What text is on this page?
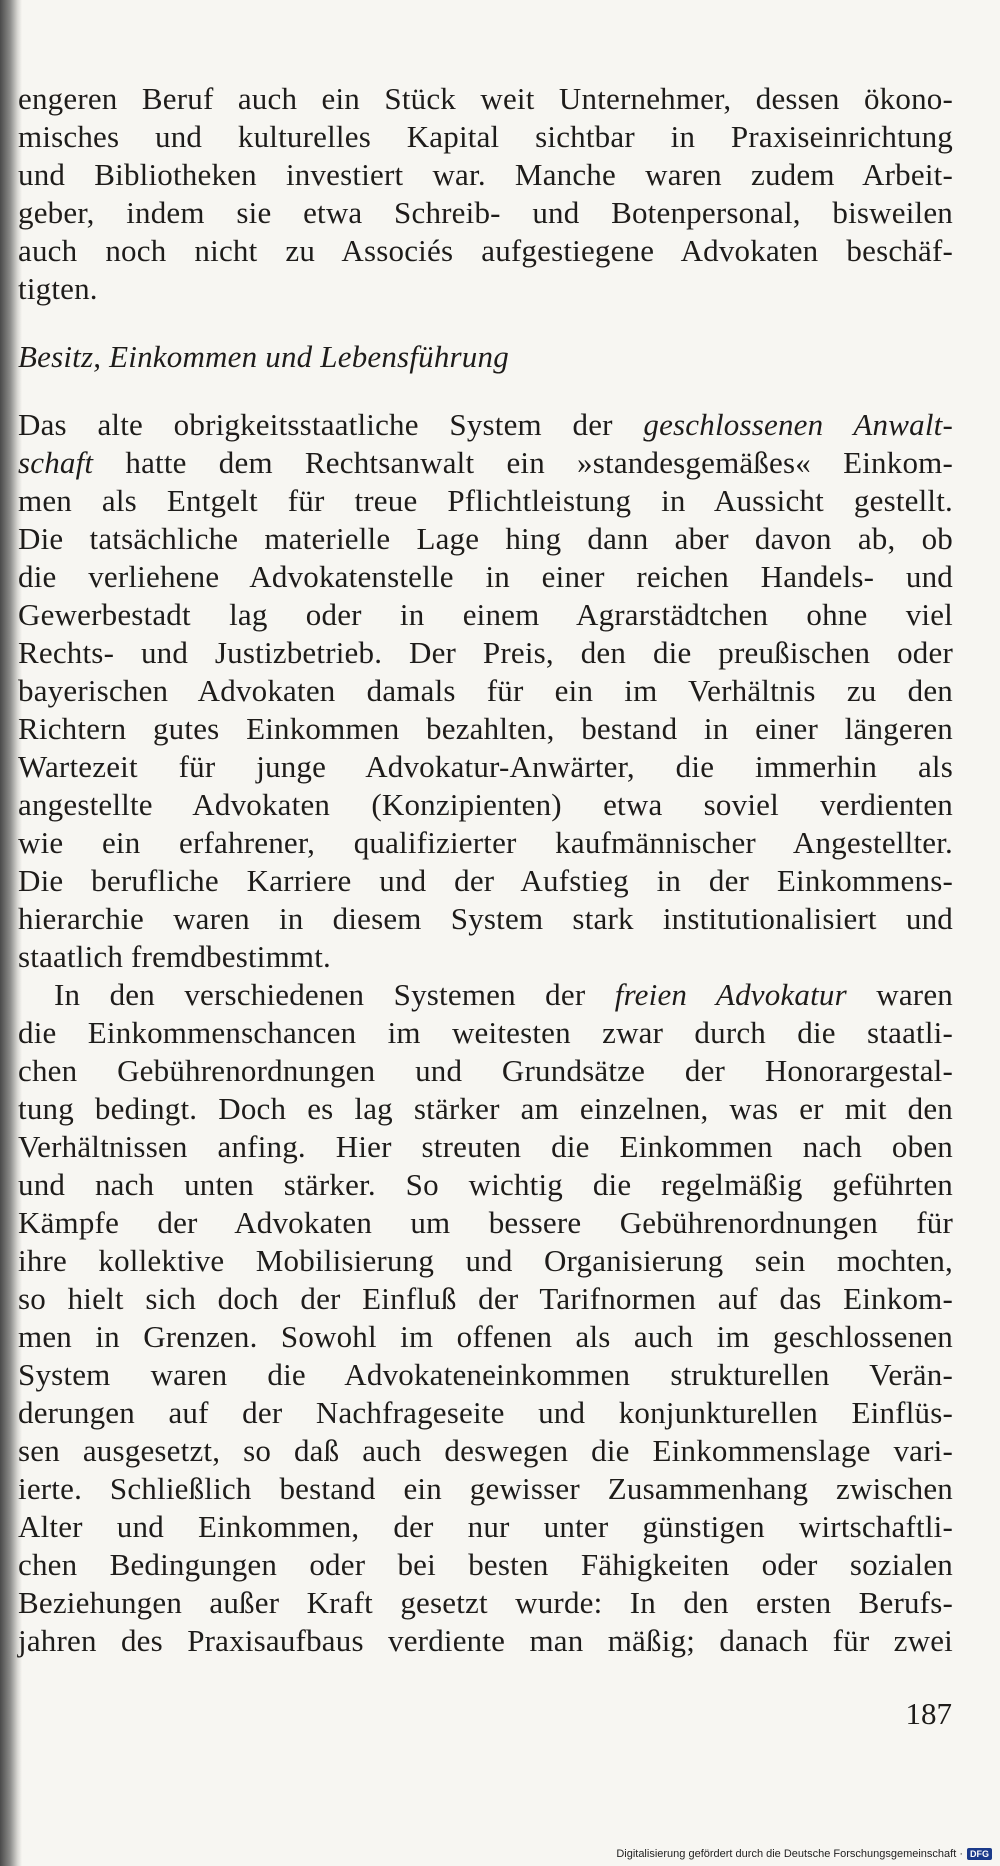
engeren Beruf auch ein Stück weit Unternehmer, dessen ökono-
misches und kulturelles Kapital sichtbar in Praxiseinrichtung
und Bibliotheken investiert war. Manche waren zudem Arbeit-
geber, indem sie etwa Schreib- und Botenpersonal, bisweilen
auch noch nicht zu Associés aufgestiegene Advokaten beschäf-
tigten.
Besitz, Einkommen und Lebensführung
Das alte obrigkeitsstaatliche System der geschlossenen Anwalt-
schaft hatte dem Rechtsanwalt ein »standesgemäßes« Einkom-
men als Entgelt für treue Pflichtleistung in Aussicht gestellt.
Die tatsächliche materielle Lage hing dann aber davon ab, ob
die verliehene Advokatenstelle in einer reichen Handels- und
Gewerbestadt lag oder in einem Agrarstädtchen ohne viel
Rechts- und Justizbetrieb. Der Preis, den die preußischen oder
bayerischen Advokaten damals für ein im Verhältnis zu den
Richtern gutes Einkommen bezahlten, bestand in einer längeren
Wartezeit für junge Advokatur-Anwärter, die immerhin als
angestellte Advokaten (Konzipienten) etwa soviel verdienten
wie ein erfahrener, qualifizierter kaufmännischer Angestellter.
Die berufliche Karriere und der Aufstieg in der Einkommens-
hierarchie waren in diesem System stark institutionalisiert und
staatlich fremdbestimmt.
In den verschiedenen Systemen der freien Advokatur waren
die Einkommenschancen im weitesten zwar durch die staatli-
chen Gebührenordnungen und Grundsätze der Honorargestal-
tung bedingt. Doch es lag stärker am einzelnen, was er mit den
Verhältnissen anfing. Hier streuten die Einkommen nach oben
und nach unten stärker. So wichtig die regelmäßig geführten
Kämpfe der Advokaten um bessere Gebührenordnungen für
ihre kollektive Mobilisierung und Organisierung sein mochten,
so hielt sich doch der Einfluß der Tarifnormen auf das Einkom-
men in Grenzen. Sowohl im offenen als auch im geschlossenen
System waren die Advokateneinkommen strukturellen Verän-
derungen auf der Nachfrageseite und konjunkturellen Einflüs-
sen ausgesetzt, so daß auch deswegen die Einkommenslage vari-
ierte. Schließlich bestand ein gewisser Zusammenhang zwischen
Alter und Einkommen, der nur unter günstigen wirtschaftli-
chen Bedingungen oder bei besten Fähigkeiten oder sozialen
Beziehungen außer Kraft gesetzt wurde: In den ersten Berufs-
jahren des Praxisaufbaus verdiente man mäßig; danach für zwei
187
Digitalisierung gefördert durch die Deutsche Forschungsgemeinschaft · DFG
